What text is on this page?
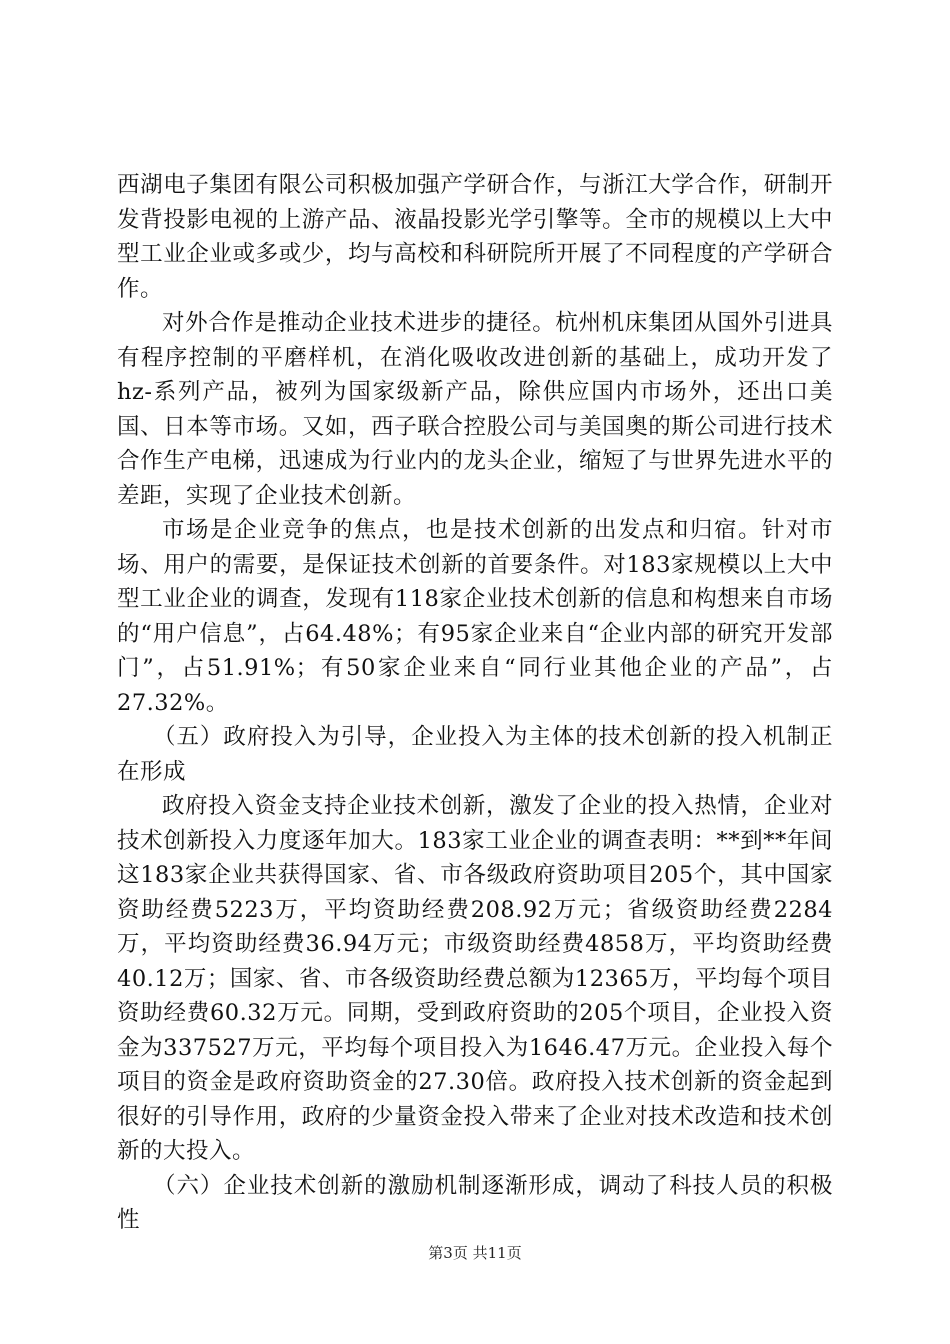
西湖电子集团有限公司积极加强产学研合作，与浙江大学合作，研制开发背投影电视的上游产品、液晶投影光学引擎等。全市的规模以上大中型工业企业或多或少，均与高校和科研院所开展了不同程度的产学研合作。

对外合作是推动企业技术进步的捷径。杭州机床集团从国外引进具有程序控制的平磨样机，在消化吸收改进创新的基础上，成功开发了hz-系列产品，被列为国家级新产品，除供应国内市场外，还出口美国、日本等市场。又如，西子联合控股公司与美国奥的斯公司进行技术合作生产电梯，迅速成为行业内的龙头企业，缩短了与世界先进水平的差距，实现了企业技术创新。

市场是企业竞争的焦点，也是技术创新的出发点和归宿。针对市场、用户的需要，是保证技术创新的首要条件。对183家规模以上大中型工业企业的调查，发现有118家企业技术创新的信息和构想来自市场的“用户信息”，占64.48%；有95家企业来自“企业内部的研究开发部门”，占51.91%；有50家企业来自“同行业其他企业的产品”，占27.32%。

（五）政府投入为引导，企业投入为主体的技术创新的投入机制正在形成

政府投入资金支持企业技术创新，激发了企业的投入热情，企业对技术创新投入力度逐年加大。183家工业企业的调查表明：**到**年间这183家企业共获得国家、省、市各级政府资助项目205个，其中国家资助经费5223万，平均资助经费208.92万元；省级资助经费2284万，平均资助经费36.94万元；市级资助经费4858万，平均资助经费40.12万；国家、省、市各级资助经费总额为12365万，平均每个项目资助经费60.32万元。同期，受到政府资助的205个项目，企业投入资金为337527万元，平均每个项目投入为1646.47万元。企业投入每个项目的资金是政府资助资金的27.30倍。政府投入技术创新的资金起到很好的引导作用，政府的少量资金投入带来了企业对技术改造和技术创新的大投入。

（六）企业技术创新的激励机制逐渐形成，调动了科技人员的积极性

第3页 共11页
